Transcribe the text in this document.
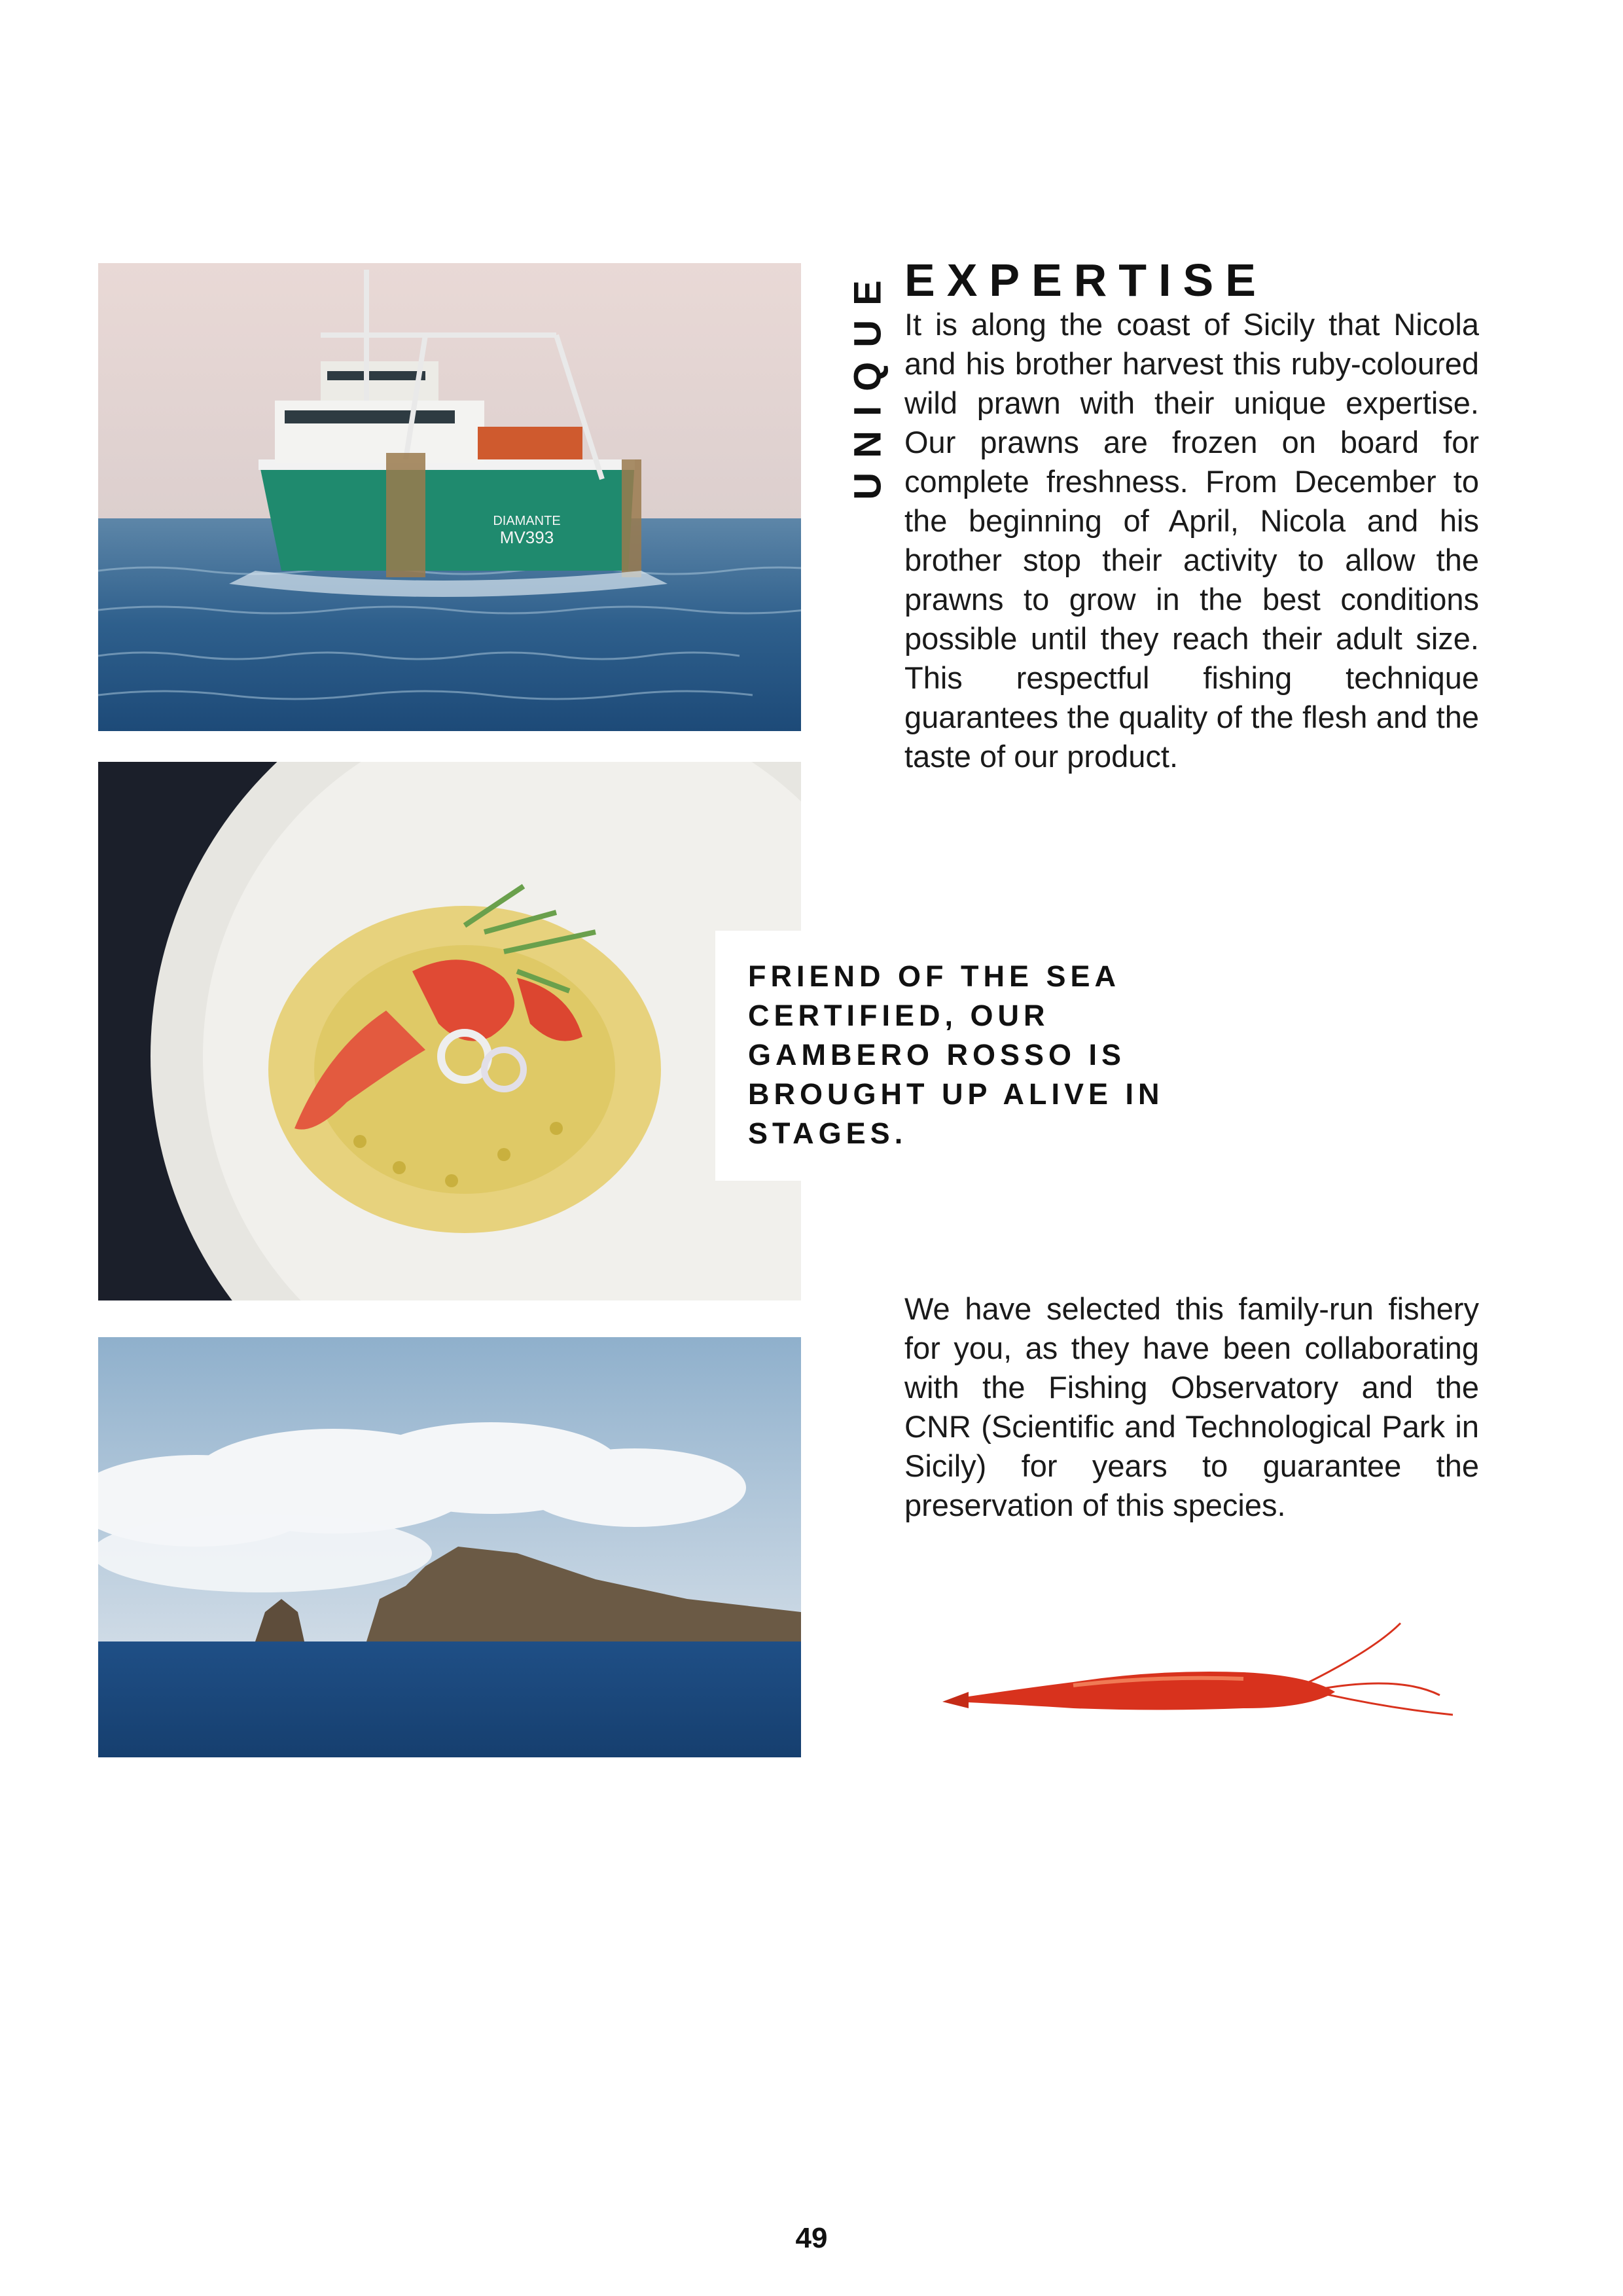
DIAMANTE
MV393
UNIQUE EXPERTISE

It is along the coast of Sicily that Nicola and his brother harvest this ruby-coloured wild prawn with their unique expertise. Our prawns are frozen on board for complete freshness. From December to the beginning of April, Nicola and his brother stop their activity to allow the prawns to grow in the best conditions possible until they reach their adult size. This respectful fishing technique guarantees the quality of the flesh and the taste of our product.

FRIEND OF THE SEA CERTIFIED, OUR GAMBERO ROSSO IS BROUGHT UP ALIVE IN STAGES.

We have selected this family-run fishery for you, as they have been collaborating with the Fishing Observatory and the CNR (Scientific and Technological Park in Sicily) for years to guarantee the preservation of this species.

49
